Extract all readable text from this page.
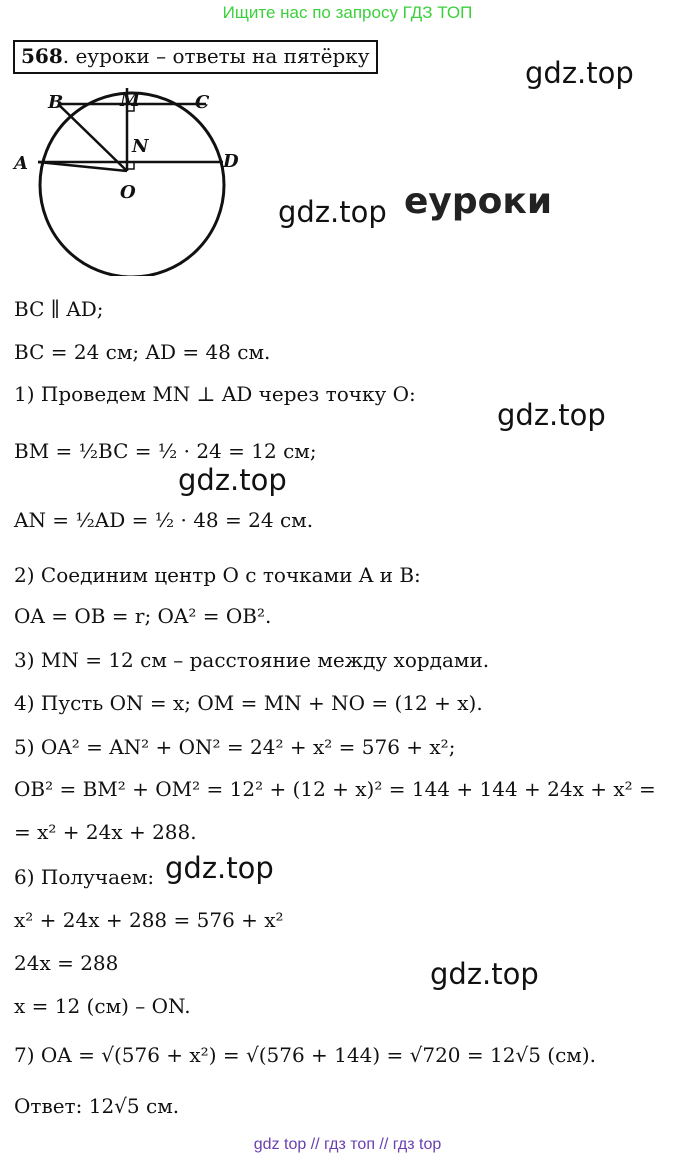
Ищите нас по запросу ГДЗ ТОП
568. еуроки – ответы на пятёрку	gdz.top
gdz.top еуроки
gdz.top
gdz.top
gdz.top
gdz.top
B	M	C
N
A	D
O
BC ∥ AD;
BC = 24 см; AD = 48 см.
1) Проведем MN ⊥ AD через точку O:
BM = ½BC = ½ · 24 = 12 см;
AN = ½AD = ½ · 48 = 24 см.
2) Соединим центр O с точками A и B:
OA = OB = r; OA² = OB².
3) MN = 12 см – расстояние между хордами.
4) Пусть ON = x; OM = MN + NO = (12 + x).
5) OA² = AN² + ON² = 24² + x² = 576 + x²;
OB² = BM² + OM² = 12² + (12 + x)² = 144 + 144 + 24x + x² =
= x² + 24x + 288.
6) Получаем:
x² + 24x + 288 = 576 + x²
24x = 288
x = 12 (см) – ON.
7) OA = √(576 + x²) = √(576 + 144) = √720 = 12√5 (см).
Ответ: 12√5 см.
gdz top // гдз топ // гдз top
